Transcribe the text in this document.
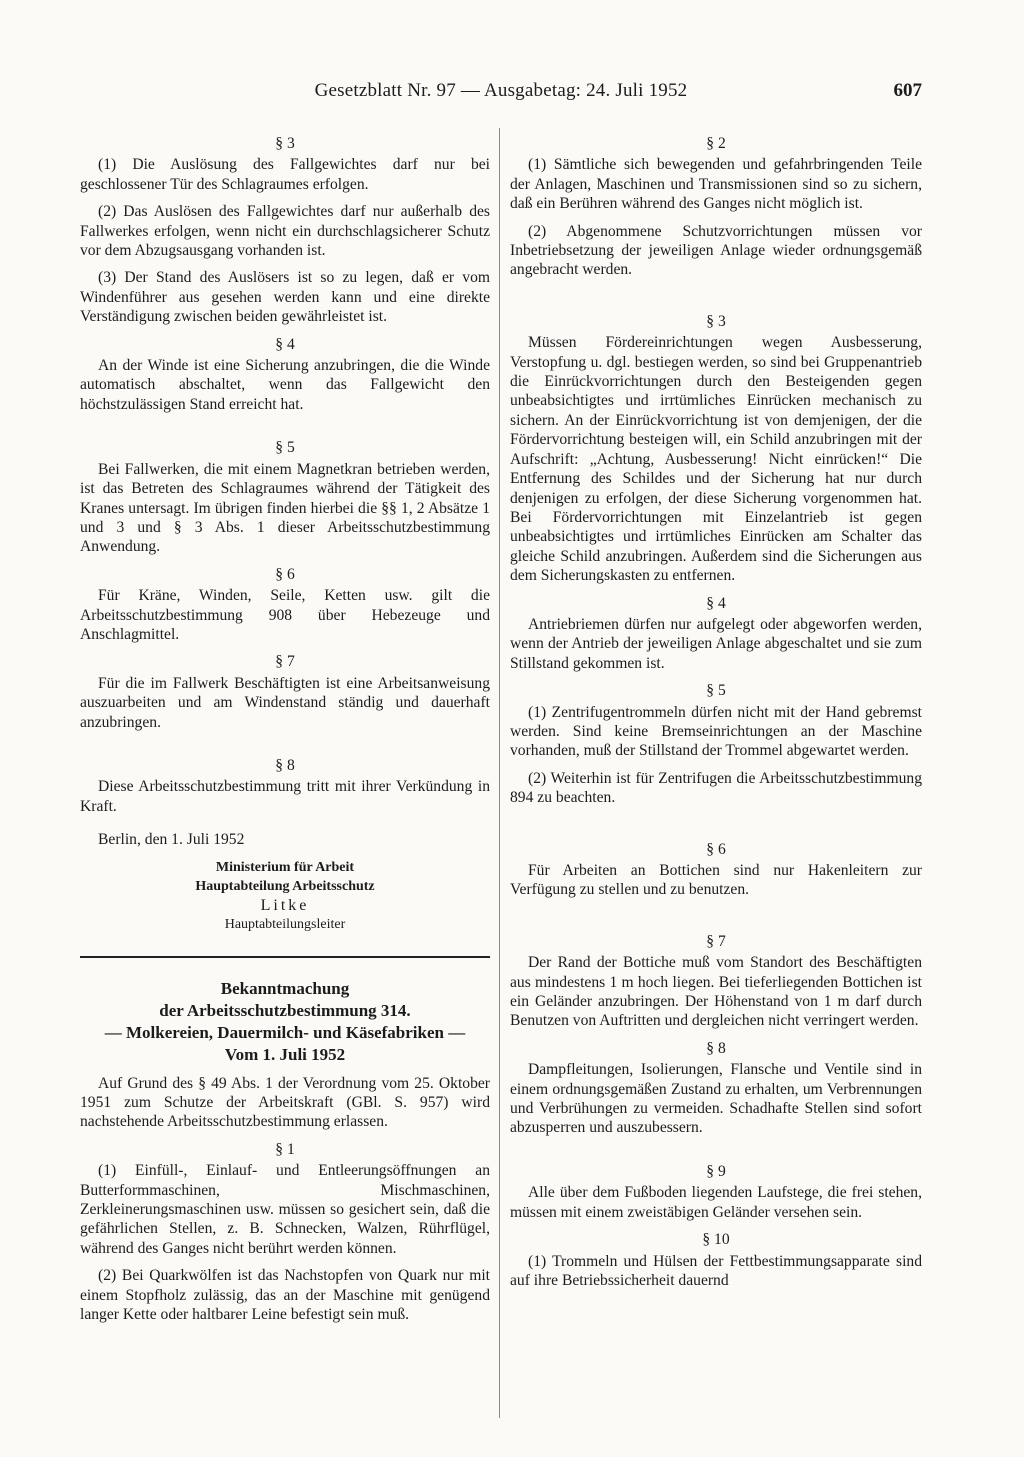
Gesetzblatt Nr. 97 — Ausgabetag: 24. Juli 1952	607
§ 3

(1) Die Auslösung des Fallgewichtes darf nur bei geschlossener Tür des Schlagraumes erfolgen.

(2) Das Auslösen des Fallgewichtes darf nur außerhalb des Fallwerkes erfolgen, wenn nicht ein durchschlagsicherer Schutz vor dem Abzugsausgang vorhanden ist.

(3) Der Stand des Auslösers ist so zu legen, daß er vom Windenführer aus gesehen werden kann und eine direkte Verständigung zwischen beiden gewährleistet ist.

§ 4

An der Winde ist eine Sicherung anzubringen, die die Winde automatisch abschaltet, wenn das Fallgewicht den höchstzulässigen Stand erreicht hat.

§ 5

Bei Fallwerken, die mit einem Magnetkran betrieben werden, ist das Betreten des Schlagraumes während der Tätigkeit des Kranes untersagt. Im übrigen finden hierbei die §§ 1, 2 Absätze 1 und 3 und § 3 Abs. 1 dieser Arbeitsschutzbestimmung Anwendung.

§ 6

Für Kräne, Winden, Seile, Ketten usw. gilt die Arbeitsschutzbestimmung 908 über Hebezeuge und Anschlagmittel.

§ 7

Für die im Fallwerk Beschäftigten ist eine Arbeitsanweisung auszuarbeiten und am Windenstand ständig und dauerhaft anzubringen.

§ 8

Diese Arbeitsschutzbestimmung tritt mit ihrer Verkündung in Kraft.

Berlin, den 1. Juli 1952

Ministerium für Arbeit
Hauptabteilung Arbeitsschutz
Litke
Hauptabteilungsleiter
Bekanntmachung
der Arbeitsschutzbestimmung 314.
— Molkereien, Dauermilch- und Käsefabriken —
Vom 1. Juli 1952

Auf Grund des § 49 Abs. 1 der Verordnung vom 25. Oktober 1951 zum Schutze der Arbeitskraft (GBl. S. 957) wird nachstehende Arbeitsschutzbestimmung erlassen.

§ 1

(1) Einfüll-, Einlauf- und Entleerungsöffnungen an Butterformmaschinen, Mischmaschinen, Zerkleinerungsmaschinen usw. müssen so gesichert sein, daß die gefährlichen Stellen, z. B. Schnecken, Walzen, Rührflügel, während des Ganges nicht berührt werden können.

(2) Bei Quarkwölfen ist das Nachstopfen von Quark nur mit einem Stopfholz zulässig, das an der Maschine mit genügend langer Kette oder haltbarer Leine befestigt sein muß.

§ 2

(1) Sämtliche sich bewegenden und gefahrbringenden Teile der Anlagen, Maschinen und Transmissionen sind so zu sichern, daß ein Berühren während des Ganges nicht möglich ist.

(2) Abgenommene Schutzvorrichtungen müssen vor Inbetriebsetzung der jeweiligen Anlage wieder ordnungsgemäß angebracht werden.

§ 3

Müssen Fördereinrichtungen wegen Ausbesserung, Verstopfung u. dgl. bestiegen werden, so sind bei Gruppenantrieb die Einrückvorrichtungen durch den Besteigenden gegen unbeabsichtigtes und irrtümliches Einrücken mechanisch zu sichern. An der Einrückvorrichtung ist von demjenigen, der die Fördervorrichtung besteigen will, ein Schild anzubringen mit der Aufschrift: „Achtung, Ausbesserung! Nicht einrücken!“ Die Entfernung des Schildes und der Sicherung hat nur durch denjenigen zu erfolgen, der diese Sicherung vorgenommen hat. Bei Fördervorrichtungen mit Einzelantrieb ist gegen unbeabsichtigtes und irrtümliches Einrücken am Schalter das gleiche Schild anzubringen. Außerdem sind die Sicherungen aus dem Sicherungskasten zu entfernen.

§ 4

Antriebriemen dürfen nur aufgelegt oder abgeworfen werden, wenn der Antrieb der jeweiligen Anlage abgeschaltet und sie zum Stillstand gekommen ist.

§ 5

(1) Zentrifugentrommeln dürfen nicht mit der Hand gebremst werden. Sind keine Bremseinrichtungen an der Maschine vorhanden, muß der Stillstand der Trommel abgewartet werden.

(2) Weiterhin ist für Zentrifugen die Arbeitsschutzbestimmung 894 zu beachten.

§ 6

Für Arbeiten an Bottichen sind nur Hakenleitern zur Verfügung zu stellen und zu benutzen.

§ 7

Der Rand der Bottiche muß vom Standort des Beschäftigten aus mindestens 1 m hoch liegen. Bei tieferliegenden Bottichen ist ein Geländer anzubringen. Der Höhenstand von 1 m darf durch Benutzen von Auftritten und dergleichen nicht verringert werden.

§ 8

Dampfleitungen, Isolierungen, Flansche und Ventile sind in einem ordnungsgemäßen Zustand zu erhalten, um Verbrennungen und Verbrühungen zu vermeiden. Schadhafte Stellen sind sofort abzusperren und auszubessern.

§ 9

Alle über dem Fußboden liegenden Laufstege, die frei stehen, müssen mit einem zweistäbigen Geländer versehen sein.

§ 10

(1) Trommeln und Hülsen der Fettbestimmungsapparate sind auf ihre Betriebssicherheit dauernd
